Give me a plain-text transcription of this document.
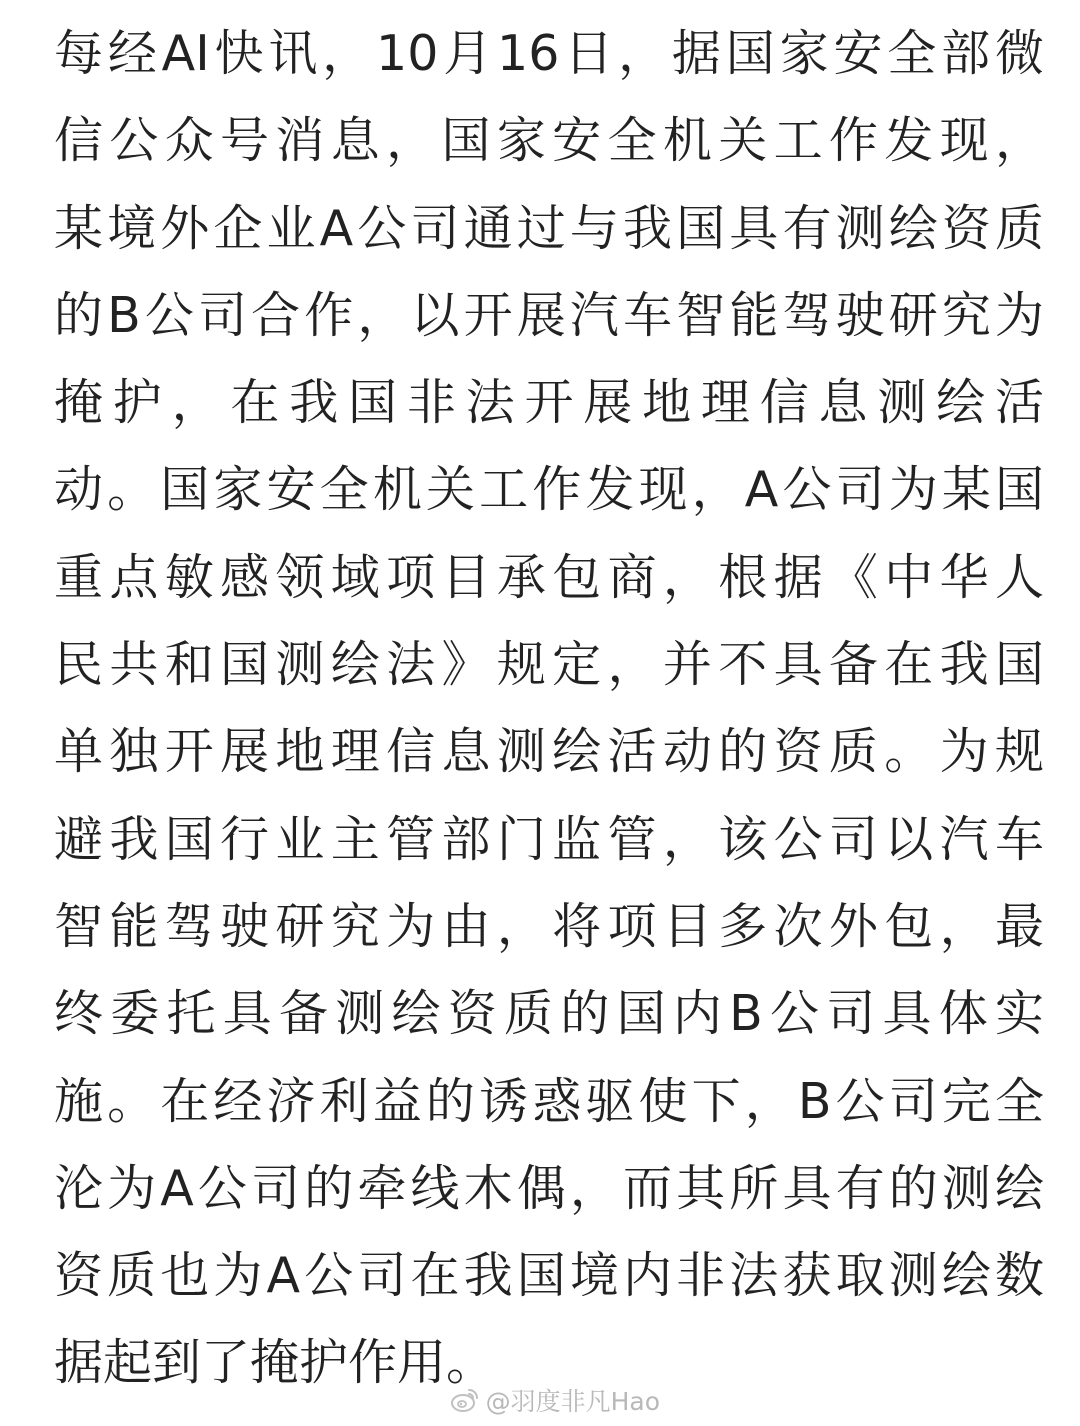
每经AI快讯，10月16日，据国家安全部微
信公众号消息，国家安全机关工作发现，
某境外企业A公司通过与我国具有测绘资质
的B公司合作，以开展汽车智能驾驶研究为
掩护，在我国非法开展地理信息测绘活
动。国家安全机关工作发现，A公司为某国
重点敏感领域项目承包商，根据《中华人
民共和国测绘法》规定，并不具备在我国
单独开展地理信息测绘活动的资质。为规
避我国行业主管部门监管，该公司以汽车
智能驾驶研究为由，将项目多次外包，最
终委托具备测绘资质的国内B公司具体实
施。在经济利益的诱惑驱使下，B公司完全
沦为A公司的牵线木偶，而其所具有的测绘
资质也为A公司在我国境内非法获取测绘数
据起到了掩护作用。
@羽度非凡Hao
